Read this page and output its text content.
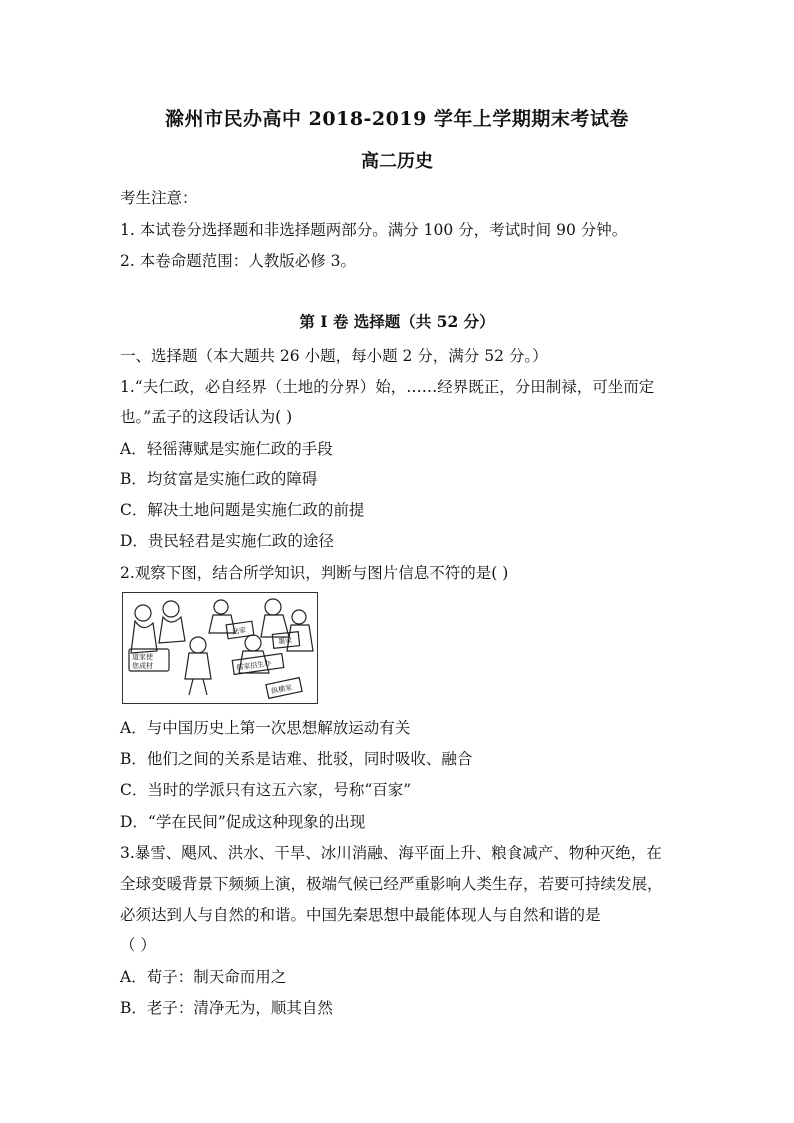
滁州市民办高中 2018-2019 学年上学期期末考试卷
高二历史
考生注意：
1. 本试卷分选择题和非选择题两部分。满分 100 分，考试时间 90 分钟。
2. 本卷命题范围：人教版必修 3。
第 I 卷 选择题（共 52 分）
一、选择题（本大题共 26 小题，每小题 2 分，满分 52 分。）
1.“夫仁政，必自经界（土地的分界）始，……经界既正，分田制禄，可坐而定
也。”孟子的这段话认为( )
A．轻徭薄赋是实施仁政的手段
B．均贫富是实施仁政的障碍
C．解决土地问题是实施仁政的前提
D．贵民轻君是实施仁政的途径
2.观察下图，结合所学知识，判断与图片信息不符的是( )
法家
墨家
道家使
您成材	儒家招生办
纵横家
A．与中国历史上第一次思想解放运动有关
B．他们之间的关系是诘难、批驳，同时吸收、融合
C．当时的学派只有这五六家，号称“百家”
D．“学在民间”促成这种现象的出现
3.暴雪、飓风、洪水、干旱、冰川消融、海平面上升、粮食减产、物种灭绝，在
全球变暖背景下频频上演，极端气候已经严重影响人类生存，若要可持续发展，
必须达到人与自然的和谐。中国先秦思想中最能体现人与自然和谐的是
（ ）
A．荀子：制天命而用之
B．老子：清净无为，顺其自然
